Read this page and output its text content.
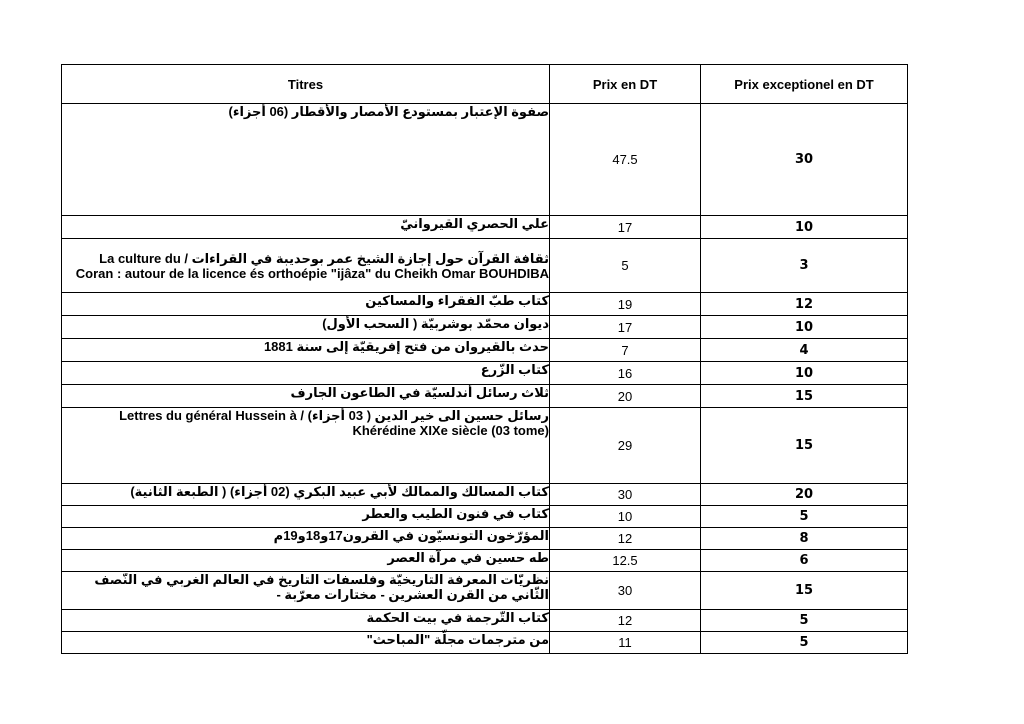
Titres	Prix en DT	Prix exceptionel en DT
صفوة الإعتبار بمستودع الأمصار والأقطار (06 أجزاء)	47.5	30
علي الحصري القيروانيّ	17	10
ثقافة القرآن حول إجازة الشيخ عمر بوحديبة في القراءات / La culture du Coran : autour de la licence és orthoépie "ijâza" du Cheikh Omar BOUHDIBA	5	3
كتاب طبّ الفقراء والمساكين	19	12
ديوان محمّد بوشربيّة ( السحب الأول)	17	10
حدث بالقيروان من فتح إفريقيّة إلى سنة 1881	7	4
كتاب الزّرع	16	10
ثلاث رسائل أندلسيّة في الطاعون الجارف	20	15
رسائل حسين الى خير الدين ( 03 أجزاء) / Lettres du général Hussein à Khérédine XIXe siècle (03 tome)	29	15
كتاب المسالك والممالك لأبي عبيد البكري (02 أجزاء) ( الطبعة الثانية)	30	20
كتاب في فنون الطيب والعطر	10	5
المؤرّخون التونسيّون في القرون17و18و19م	12	8
طه حسين في مرآة العصر	12.5	6
نظريّات المعرفة التاريخيّة وفلسفات التاريخ في العالم الغربي في النّصف الثّاني من القرن العشرين - مختارات معرّبة -	30	15
كتاب التّرجمة في بيت الحكمة	12	5
من مترجمات مجلّة "المباحث"	11	5
